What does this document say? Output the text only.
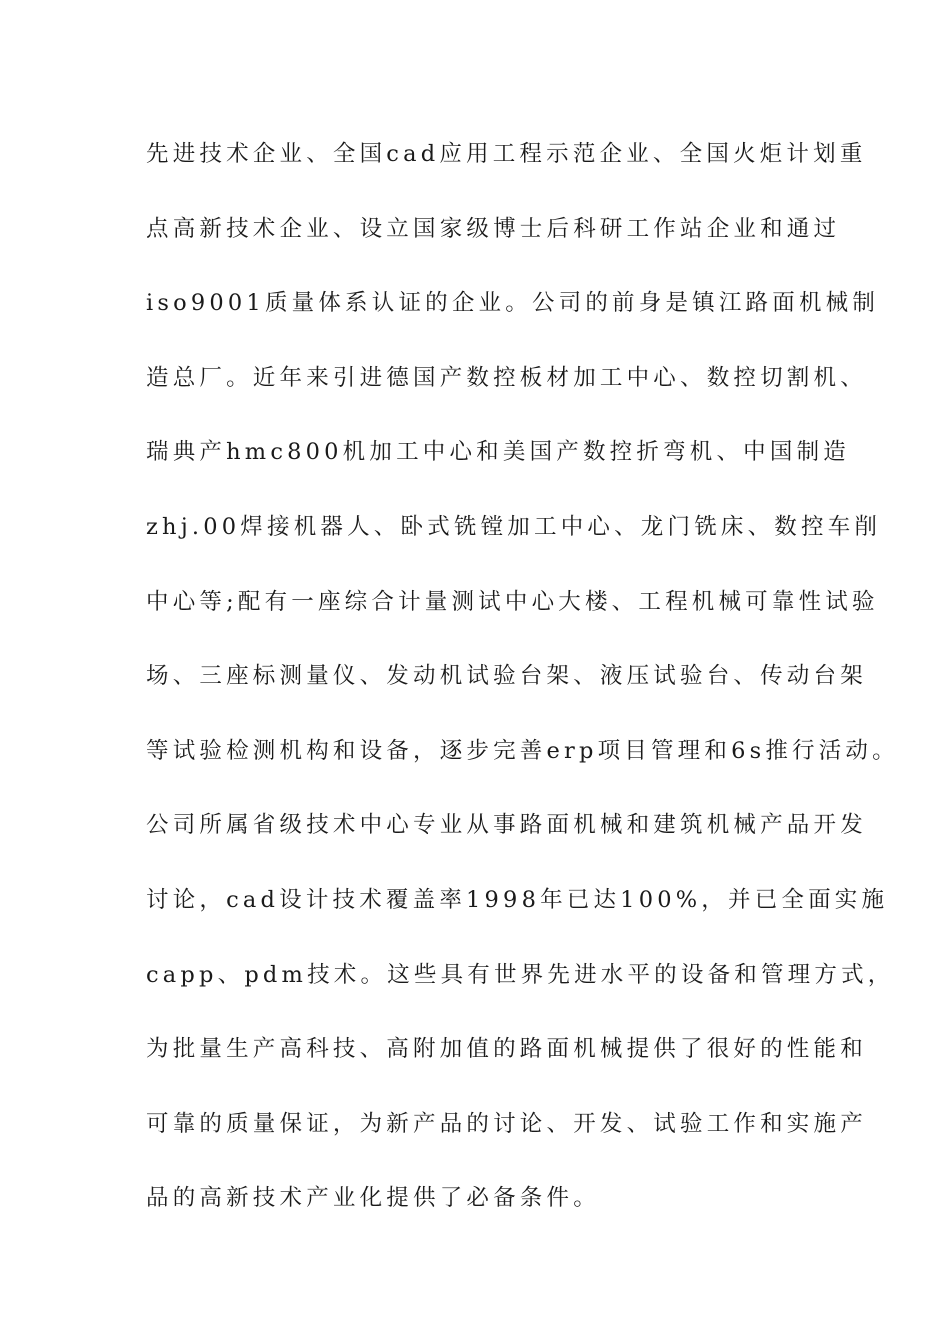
先进技术企业、全国cad应用工程示范企业、全国火炬计划重
点高新技术企业、设立国家级博士后科研工作站企业和通过
iso9001质量体系认证的企业。公司的前身是镇江路面机械制
造总厂。近年来引进德国产数控板材加工中心、数控切割机、
瑞典产hmc800机加工中心和美国产数控折弯机、中国制造
zhj.00焊接机器人、卧式铣镗加工中心、龙门铣床、数控车削
中心等;配有一座综合计量测试中心大楼、工程机械可靠性试验
场、三座标测量仪、发动机试验台架、液压试验台、传动台架
等试验检测机构和设备，逐步完善erp项目管理和6s推行活动。
公司所属省级技术中心专业从事路面机械和建筑机械产品开发
讨论，cad设计技术覆盖率1998年已达100%，并已全面实施
capp、pdm技术。这些具有世界先进水平的设备和管理方式，
为批量生产高科技、高附加值的路面机械提供了很好的性能和
可靠的质量保证，为新产品的讨论、开发、试验工作和实施产
品的高新技术产业化提供了必备条件。
